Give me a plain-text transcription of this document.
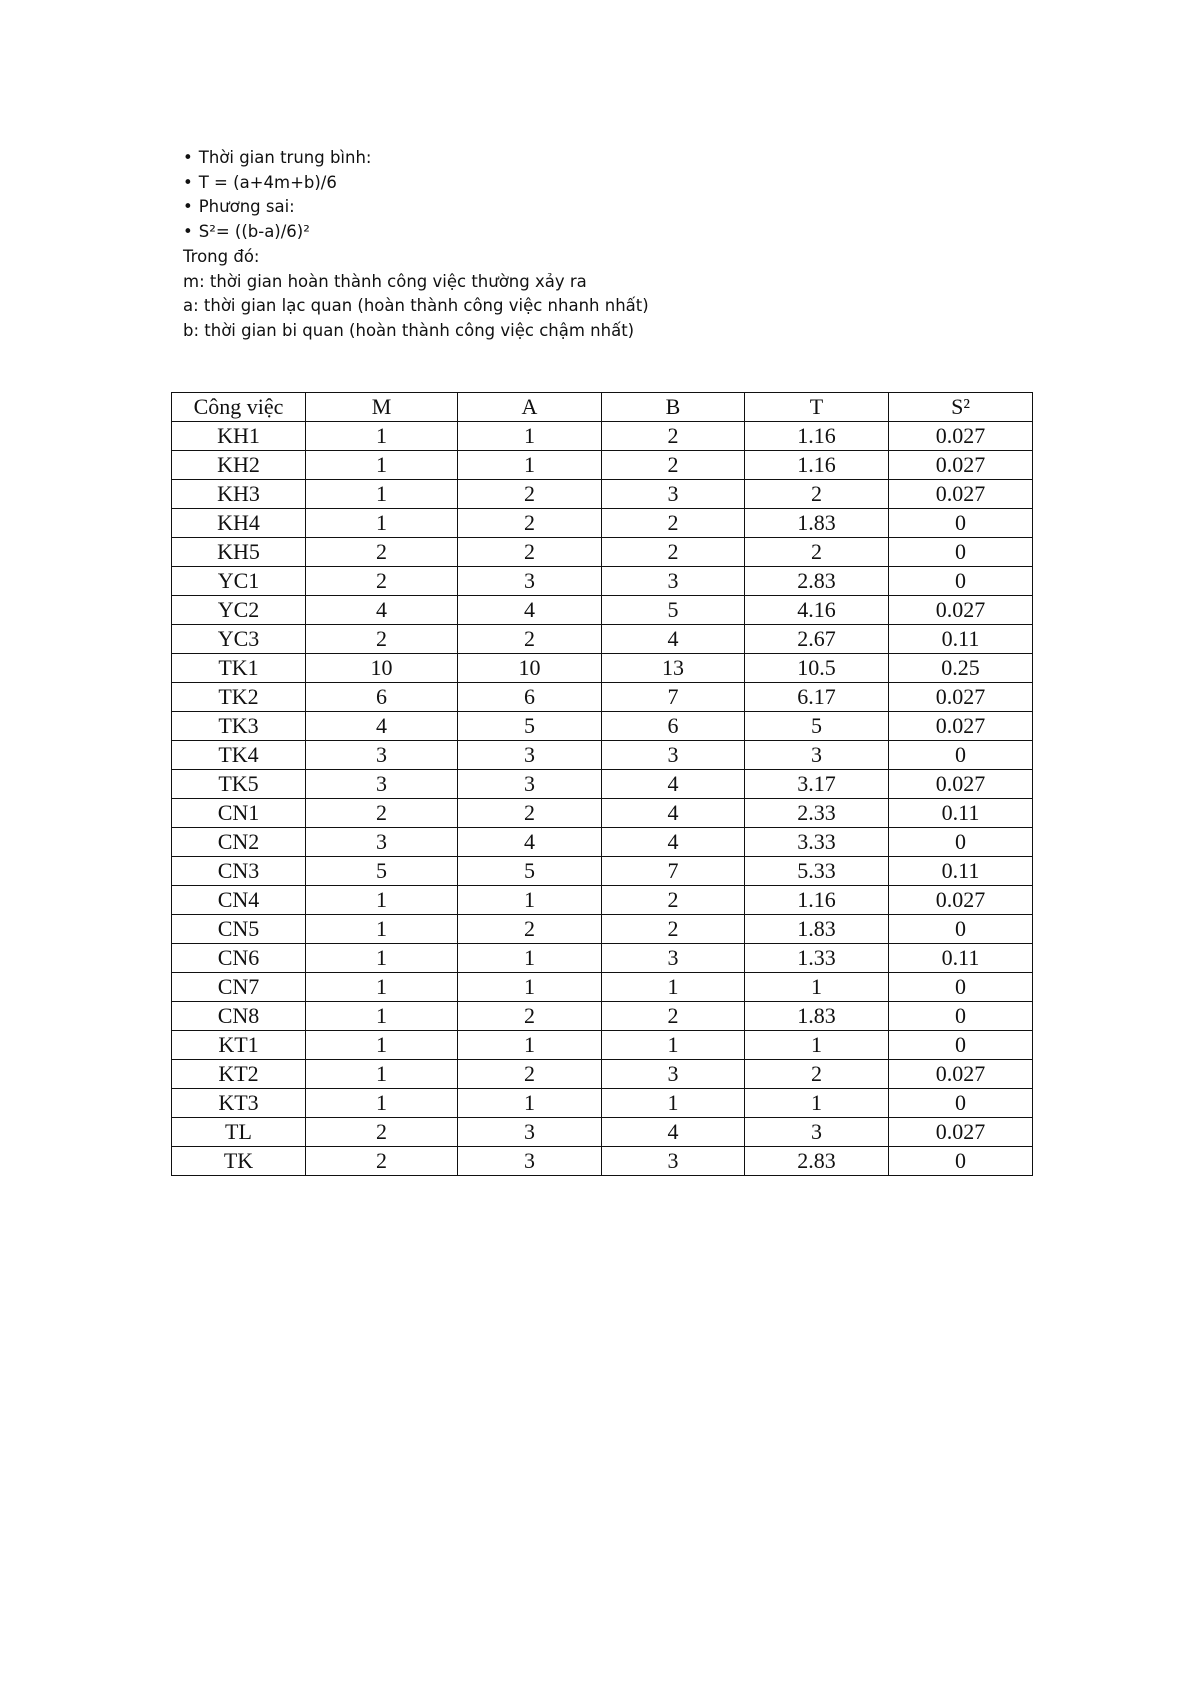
• Thời gian trung bình:
• T = (a+4m+b)/6
• Phương sai:
• S²= ((b-a)/6)²
Trong đó:
m: thời gian hoàn thành công việc thường xảy ra
a: thời gian lạc quan (hoàn thành công việc nhanh nhất)
b: thời gian bi quan (hoàn thành công việc chậm nhất)
Công việc	M	A	B	T	S²
KH1	1	1	2	1.16	0.027
KH2	1	1	2	1.16	0.027
KH3	1	2	3	2	0.027
KH4	1	2	2	1.83	0
KH5	2	2	2	2	0
YC1	2	3	3	2.83	0
YC2	4	4	5	4.16	0.027
YC3	2	2	4	2.67	0.11
TK1	10	10	13	10.5	0.25
TK2	6	6	7	6.17	0.027
TK3	4	5	6	5	0.027
TK4	3	3	3	3	0
TK5	3	3	4	3.17	0.027
CN1	2	2	4	2.33	0.11
CN2	3	4	4	3.33	0
CN3	5	5	7	5.33	0.11
CN4	1	1	2	1.16	0.027
CN5	1	2	2	1.83	0
CN6	1	1	3	1.33	0.11
CN7	1	1	1	1	0
CN8	1	2	2	1.83	0
KT1	1	1	1	1	0
KT2	1	2	3	2	0.027
KT3	1	1	1	1	0
TL	2	3	4	3	0.027
TK	2	3	3	2.83	0
